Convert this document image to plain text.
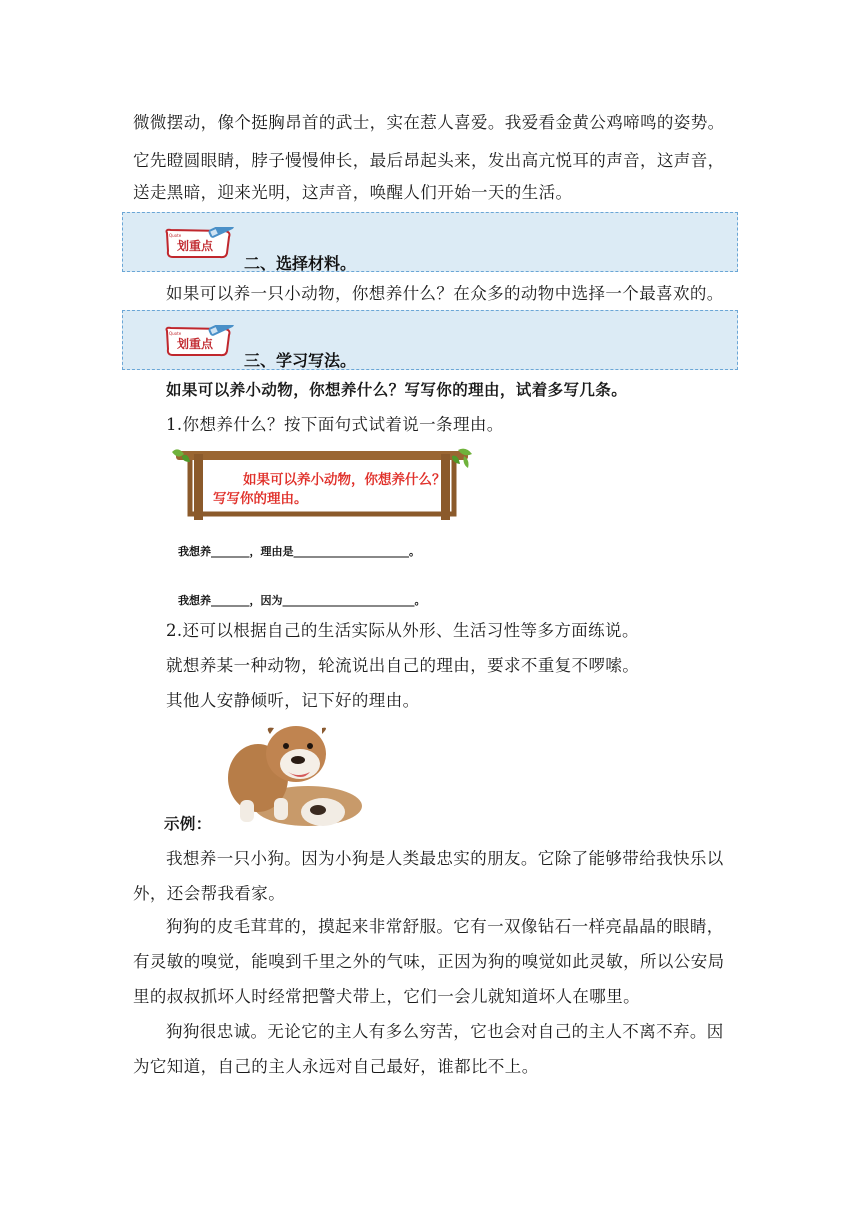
微微摆动，像个挺胸昂首的武士，实在惹人喜爱。我爱看金黄公鸡啼鸣的姿势。
它先瞪圆眼睛，脖子慢慢伸长，最后昂起头来，发出高亢悦耳的声音，这声音，
送走黑暗，迎来光明，这声音，唤醒人们开始一天的生活。
划重点
Quote
二、选择材料。
如果可以养一只小动物，你想养什么？在众多的动物中选择一个最喜欢的。
划重点
Quote
三、学习写法。
如果可以养小动物，你想养什么？写写你的理由，试着多写几条。
1.你想养什么？按下面句式试着说一条理由。
如果可以养小动物，你想养什么？
写写你的理由。
我想养_______，理由是_____________________。
我想养_______，因为________________________。
2.还可以根据自己的生活实际从外形、生活习性等多方面练说。
就想养某一种动物，轮流说出自己的理由，要求不重复不啰嗦。
其他人安静倾听，记下好的理由。
示例：
我想养一只小狗。因为小狗是人类最忠实的朋友。它除了能够带给我快乐以
外，还会帮我看家。
狗狗的皮毛茸茸的，摸起来非常舒服。它有一双像钻石一样亮晶晶的眼睛，
有灵敏的嗅觉，能嗅到千里之外的气味，正因为狗的嗅觉如此灵敏，所以公安局
里的叔叔抓坏人时经常把警犬带上，它们一会儿就知道坏人在哪里。
狗狗很忠诚。无论它的主人有多么穷苦，它也会对自己的主人不离不弃。因
为它知道，自己的主人永远对自己最好，谁都比不上。
